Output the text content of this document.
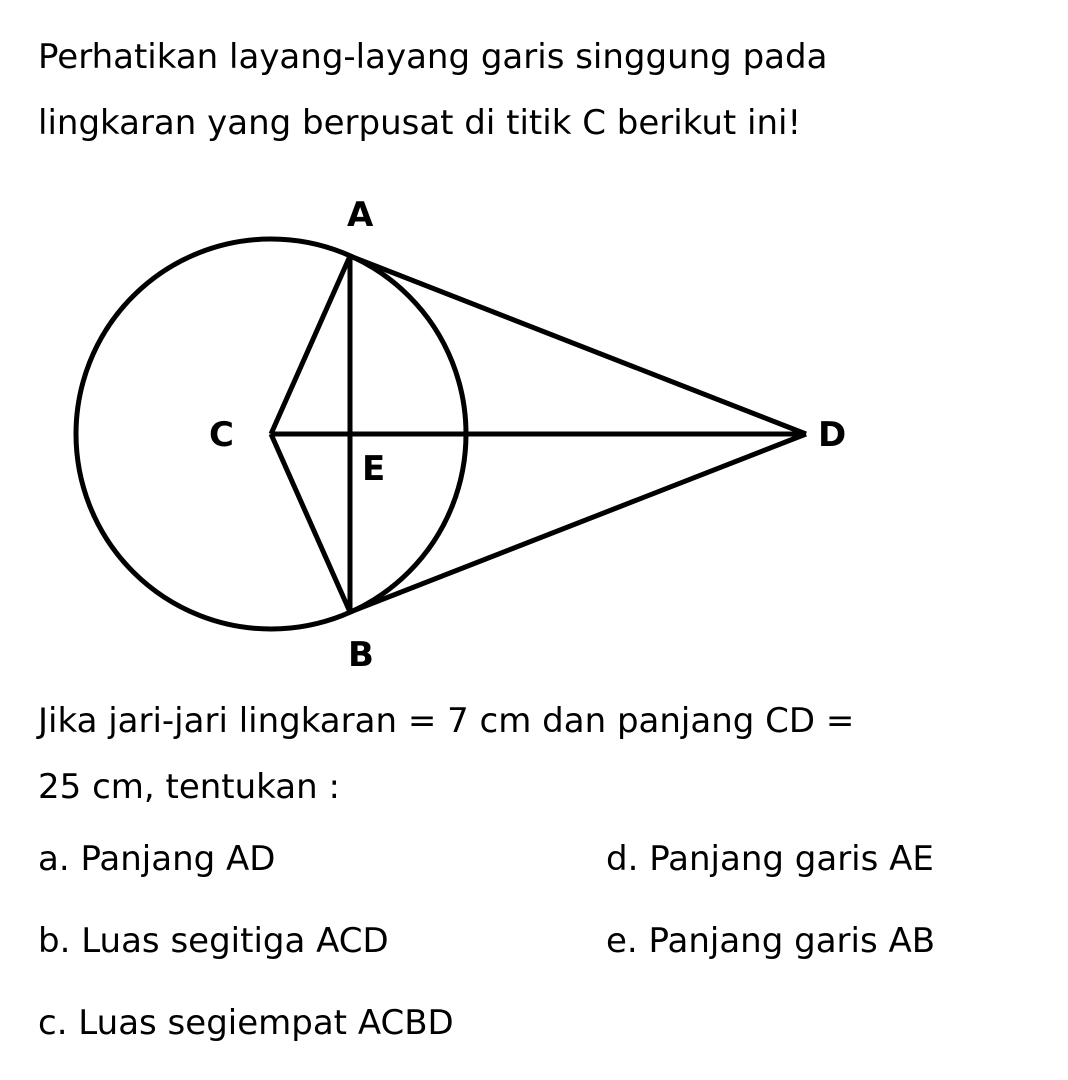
Perhatikan layang-layang garis singgung pada
lingkaran yang berpusat di titik C berikut ini!
A
B
C	D
E
Jika jari-jari lingkaran = 7 cm dan panjang CD =
25 cm, tentukan :
a. Panjang AD
b. Luas segitiga ACD
c. Luas segiempat ACBD
d. Panjang garis AE
e. Panjang garis AB
